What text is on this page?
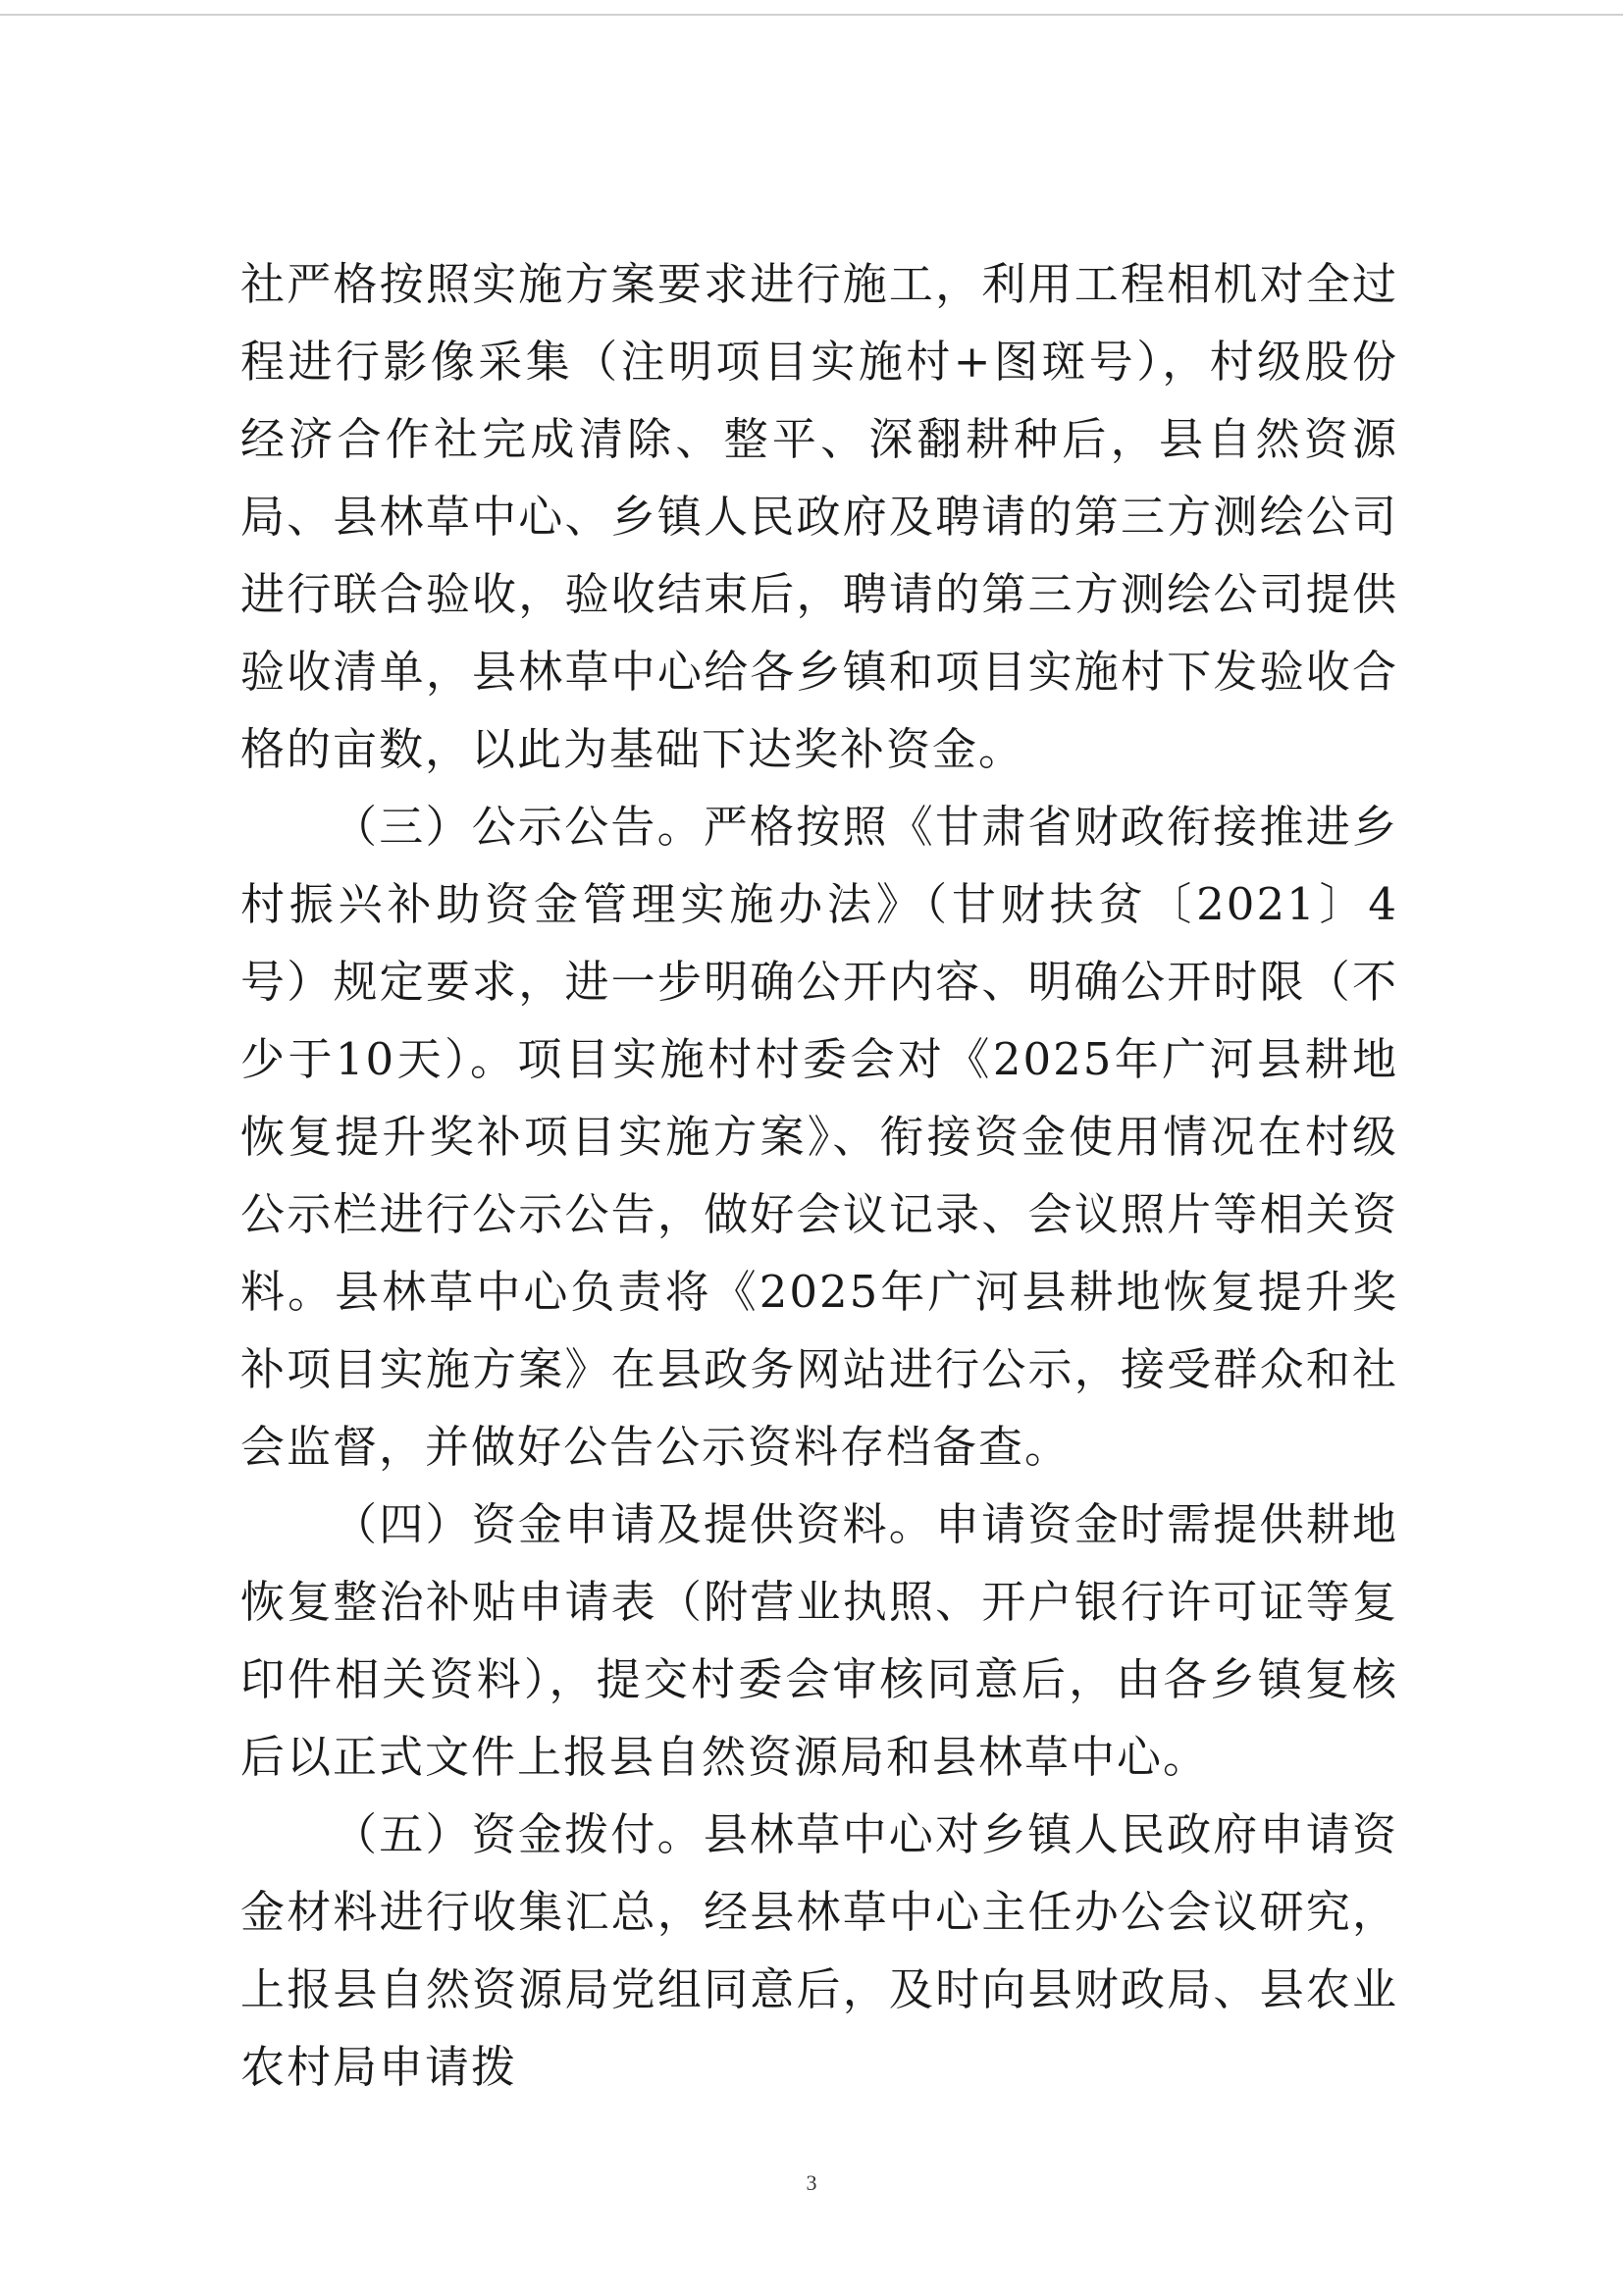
社严格按照实施方案要求进行施工，利用工程相机对全过程进行影像采集（注明项目实施村+图斑号），村级股份经济合作社完成清除、整平、深翻耕种后，县自然资源局、县林草中心、乡镇人民政府及聘请的第三方测绘公司进行联合验收，验收结束后，聘请的第三方测绘公司提供验收清单，县林草中心给各乡镇和项目实施村下发验收合格的亩数，以此为基础下达奖补资金。

（三）公示公告。严格按照《甘肃省财政衔接推进乡村振兴补助资金管理实施办法》（甘财扶贫〔2021〕4号）规定要求，进一步明确公开内容、明确公开时限（不少于10天）。项目实施村村委会对《2025年广河县耕地恢复提升奖补项目实施方案》、衔接资金使用情况在村级公示栏进行公示公告，做好会议记录、会议照片等相关资料。县林草中心负责将《2025年广河县耕地恢复提升奖补项目实施方案》在县政务网站进行公示，接受群众和社会监督，并做好公告公示资料存档备查。

（四）资金申请及提供资料。申请资金时需提供耕地恢复整治补贴申请表（附营业执照、开户银行许可证等复印件相关资料），提交村委会审核同意后，由各乡镇复核后以正式文件上报县自然资源局和县林草中心。

（五）资金拨付。县林草中心对乡镇人民政府申请资金材料进行收集汇总，经县林草中心主任办公会议研究，上报县自然资源局党组同意后，及时向县财政局、县农业农村局申请拨

3
